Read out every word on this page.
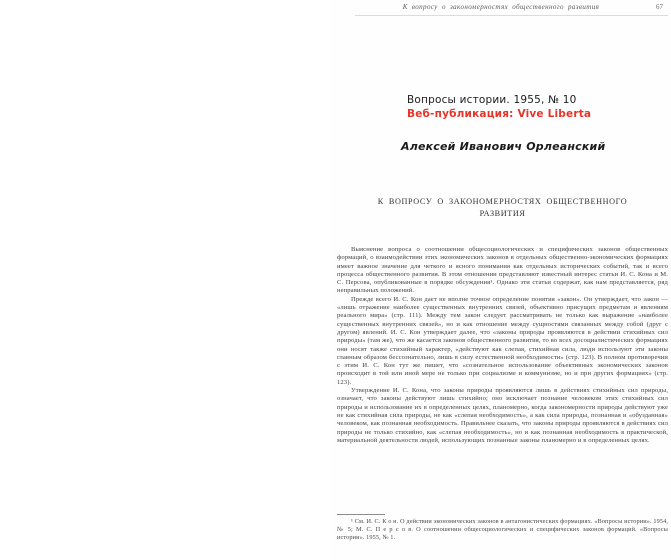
К вопросу о закономерностях общественного развития	67
Вопросы истории. 1955, № 10
Веб-публикация: Vive Liberta
Алексей Иванович Орлеанский
К ВОПРОСУ О ЗАКОНОМЕРНОСТЯХ ОБЩЕСТВЕННОГО РАЗВИТИЯ

Выяснение вопроса о соотношении общесоциологических и специфических законов общественных формаций, о взаимодействии этих экономических законов в отдельных общественно-экономических формациях имеет важное значение для четкого и ясного понимания как отдельных исторических событий, так и всего процесса общественного развития. В этом отношении представляют известный интерес статьи И. С. Кона и М. С. Персова, опубликованные в порядке обсуждения¹. Однако эти статьи содержат, как нам представляется, ряд неправильных положений.

Прежде всего И. С. Кон дает не вполне точное определение понятия «закон». Он утверждает, что закон — «лишь отражение наиболее существенных внутренних связей, объективно присущих предметам и явлениям реального мира» (стр. 111). Между тем закон следует рассматривать не только как выражение «наиболее существенных внутренних связей», но и как отношение между сущностями связанных между собой (друг с другом) явлений. И. С. Кон утверждает далее, что «законы природы проявляются в действии стихийных сил природы» (там же), что же касается законов общественного развития, то во всех досоциалистических формациях они носят также стихийный характер, «действуют как слепая, стихийная сила, люди используют эти законы главным образом бессознательно, лишь в силу естественной необходимости» (стр. 123). В полном противоречии с этим И. С. Кон тут же пишет, что «сознательное использование объективных экономических законов происходит в той или иной мере не только при социализме и коммунизме, но и при других формациях» (стр. 123).

Утверждение И. С. Кона, что законы природы проявляются лишь в действиях стихийных сил природы, означает, что законы действуют лишь стихийно; оно исключает познание человеком этих стихийных сил природы и использование их в определенных целях, планомерно, когда закономерности природы действуют уже не как стихийная сила природы, не как «слепая необходимость», а как сила природы, познанная и «обузданная» человеком, как познанная необходимость. Правильнее сказать, что законы природы проявляются в действиях сил природы не только стихийно, как «слепая необходимость», но и как познанная необходимость в практической, материальной деятельности людей, использующих познанные законы планомерно и в определенных целях.

¹ См. И. С. К о н. О действии экономических законов в антагонистических формациях. «Вопросы истории». 1954, № 5; М. С. П е р с о в. О соотношении общесоциологических и специфических законов формаций. «Вопросы истории». 1955, № 1.
